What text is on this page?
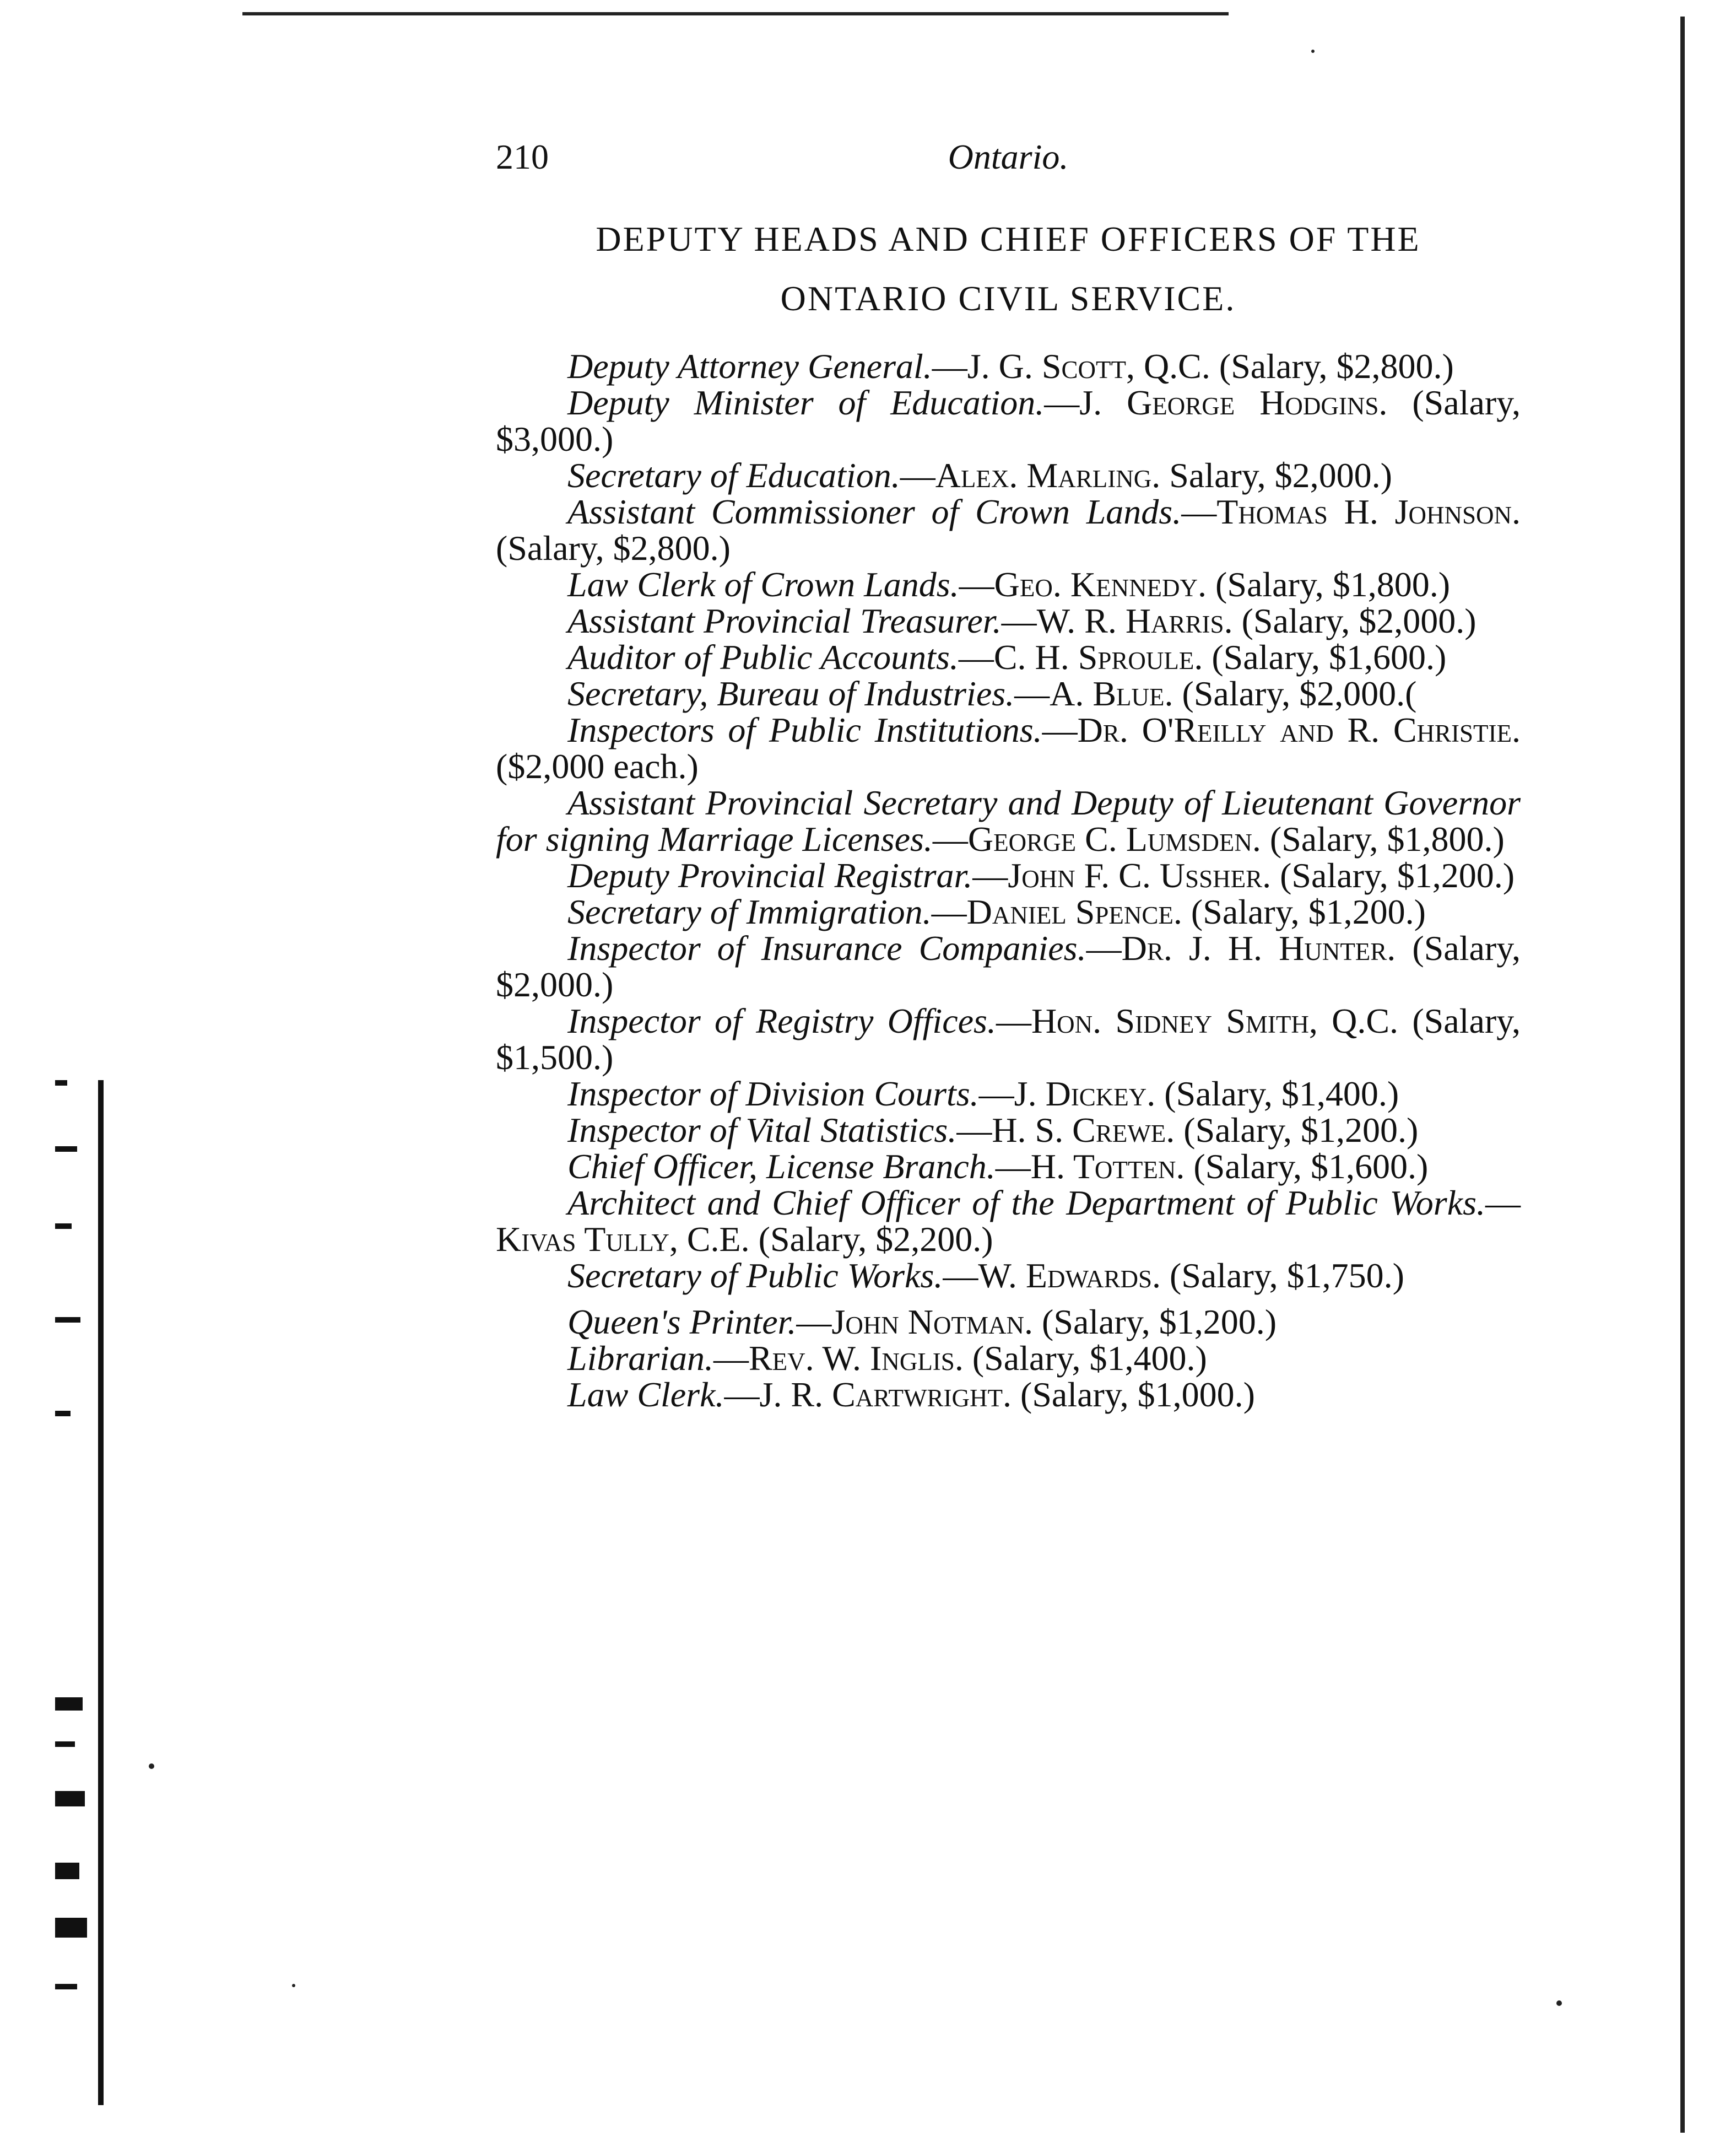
210	Ontario.
DEPUTY HEADS AND CHIEF OFFICERS OF THE
ONTARIO CIVIL SERVICE.

Deputy Attorney General.—J. G. Scott, Q.C. (Salary, $2,800.)

Deputy Minister of Education.—J. George Hodgins. (Salary, $3,000.)

Secretary of Education.—Alex. Marling. Salary, $2,000.)

Assistant Commissioner of Crown Lands.—Thomas H. Johnson. (Salary, $2,800.)

Law Clerk of Crown Lands.—Geo. Kennedy. (Salary, $1,800.)

Assistant Provincial Treasurer.—W. R. Harris. (Salary, $2,000.)

Auditor of Public Accounts.—C. H. Sproule. (Salary, $1,600.)

Secretary, Bureau of Industries.—A. Blue. (Salary, $2,000.(

Inspectors of Public Institutions.—Dr. O'Reilly and R. Christie. ($2,000 each.)

Assistant Provincial Secretary and Deputy of Lieutenant Governor for signing Marriage Licenses.—George C. Lumsden. (Salary, $1,800.)

Deputy Provincial Registrar.—John F. C. Ussher. (Salary, $1,200.)

Secretary of Immigration.—Daniel Spence. (Salary, $1,200.)

Inspector of Insurance Companies.—Dr. J. H. Hunter. (Salary, $2,000.)

Inspector of Registry Offices.—Hon. Sidney Smith, Q.C. (Salary, $1,500.)

Inspector of Division Courts.—J. Dickey. (Salary, $1,400.)

Inspector of Vital Statistics.—H. S. Crewe. (Salary, $1,200.)

Chief Officer, License Branch.—H. Totten. (Salary, $1,600.)

Architect and Chief Officer of the Department of Public Works.—Kivas Tully, C.E. (Salary, $2,200.)

Secretary of Public Works.—W. Edwards. (Salary, $1,750.)

Queen's Printer.—John Notman. (Salary, $1,200.)

Librarian.—Rev. W. Inglis. (Salary, $1,400.)

Law Clerk.—J. R. Cartwright. (Salary, $1,000.)
